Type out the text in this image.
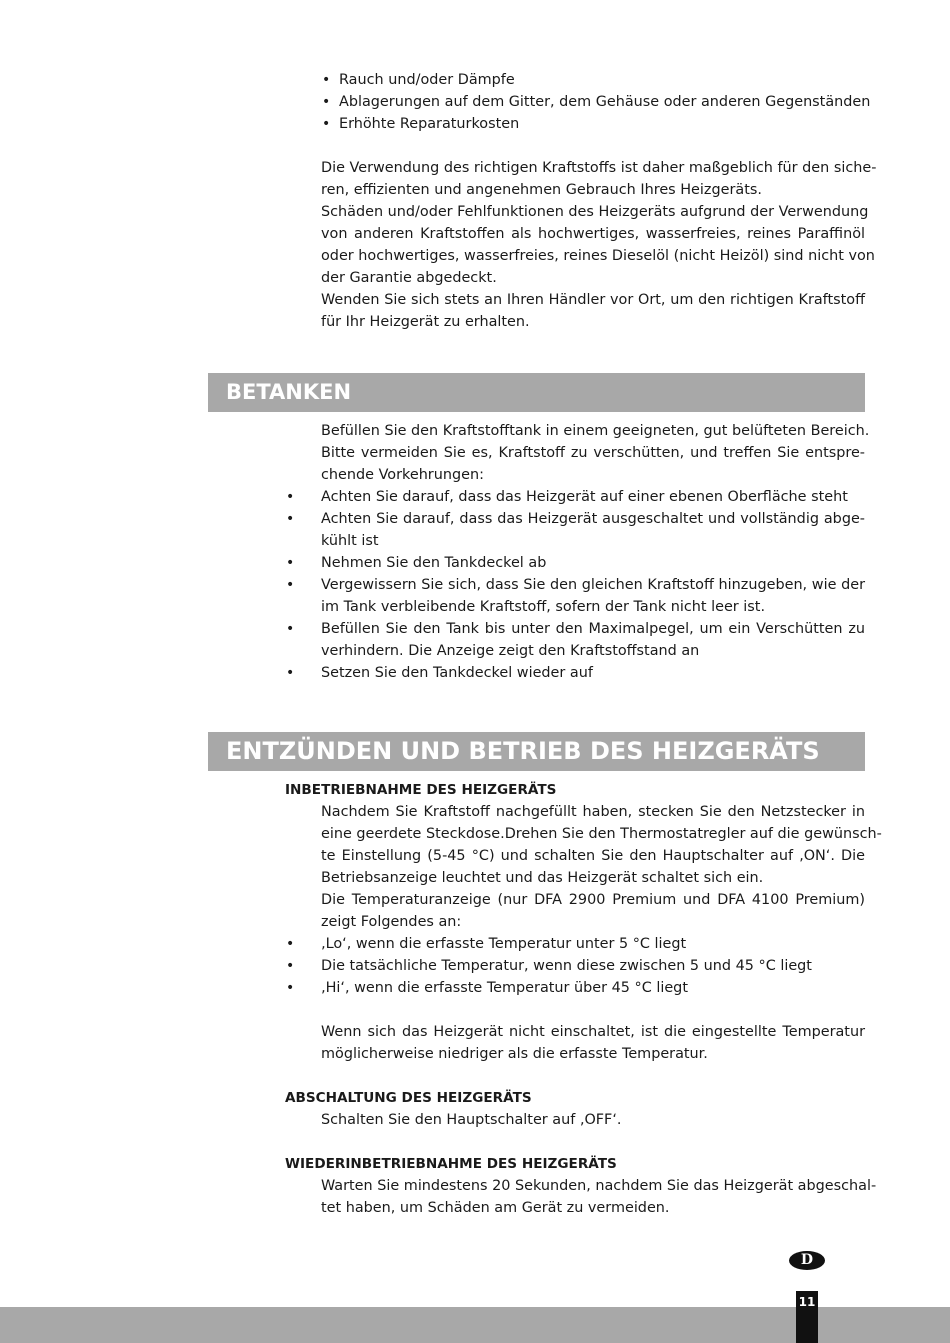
• Rauch und/oder Dämpfe
• Ablagerungen auf dem Gitter, dem Gehäuse oder anderen Gegenständen
• Erhöhte Reparaturkosten
Die Verwendung des richtigen Kraftstoffs ist daher maßgeblich für den siche-
ren, effizienten und angenehmen Gebrauch Ihres Heizgeräts.
Schäden und/oder Fehlfunktionen des Heizgeräts aufgrund der Verwendung
von anderen Kraftstoffen als hochwertiges, wasserfreies, reines Paraffinöl
oder hochwertiges, wasserfreies, reines Dieselöl (nicht Heizöl) sind nicht von
der Garantie abgedeckt.
Wenden Sie sich stets an Ihren Händler vor Ort, um den richtigen Kraftstoff
für Ihr Heizgerät zu erhalten.
BETANKEN
Befüllen Sie den Kraftstofftank in einem geeigneten, gut belüfteten Bereich.
Bitte vermeiden Sie es, Kraftstoff zu verschütten, und treffen Sie entspre-
chende Vorkehrungen:
• Achten Sie darauf, dass das Heizgerät auf einer ebenen Oberfläche steht
• Achten Sie darauf, dass das Heizgerät ausgeschaltet und vollständig abge-
kühlt ist
• Nehmen Sie den Tankdeckel ab
• Vergewissern Sie sich, dass Sie den gleichen Kraftstoff hinzugeben, wie der
im Tank verbleibende Kraftstoff, sofern der Tank nicht leer ist.
• Befüllen Sie den Tank bis unter den Maximalpegel, um ein Verschütten zu
verhindern. Die Anzeige zeigt den Kraftstoffstand an
• Setzen Sie den Tankdeckel wieder auf
ENTZÜNDEN UND BETRIEB DES HEIZGERÄTS
INBETRIEBNAHME DES HEIZGERÄTS
Nachdem Sie Kraftstoff nachgefüllt haben, stecken Sie den Netzstecker in
eine geerdete Steckdose.Drehen Sie den Thermostatregler auf die gewünsch-
te Einstellung (5-45 °C) und schalten Sie den Hauptschalter auf ‚ON‘. Die
Betriebsanzeige leuchtet und das Heizgerät schaltet sich ein.
Die Temperaturanzeige (nur DFA 2900 Premium und DFA 4100 Premium)
zeigt Folgendes an:
• ‚Lo‘, wenn die erfasste Temperatur unter 5 °C liegt
• Die tatsächliche Temperatur, wenn diese zwischen 5 und 45 °C liegt
• ‚Hi‘, wenn die erfasste Temperatur über 45 °C liegt
Wenn sich das Heizgerät nicht einschaltet, ist die eingestellte Temperatur
möglicherweise niedriger als die erfasste Temperatur.
ABSCHALTUNG DES HEIZGERÄTS
Schalten Sie den Hauptschalter auf ‚OFF‘.
WIEDERINBETRIEBNAHME DES HEIZGERÄTS
Warten Sie mindestens 20 Sekunden, nachdem Sie das Heizgerät abgeschal-
tet haben, um Schäden am Gerät zu vermeiden.
D
11
